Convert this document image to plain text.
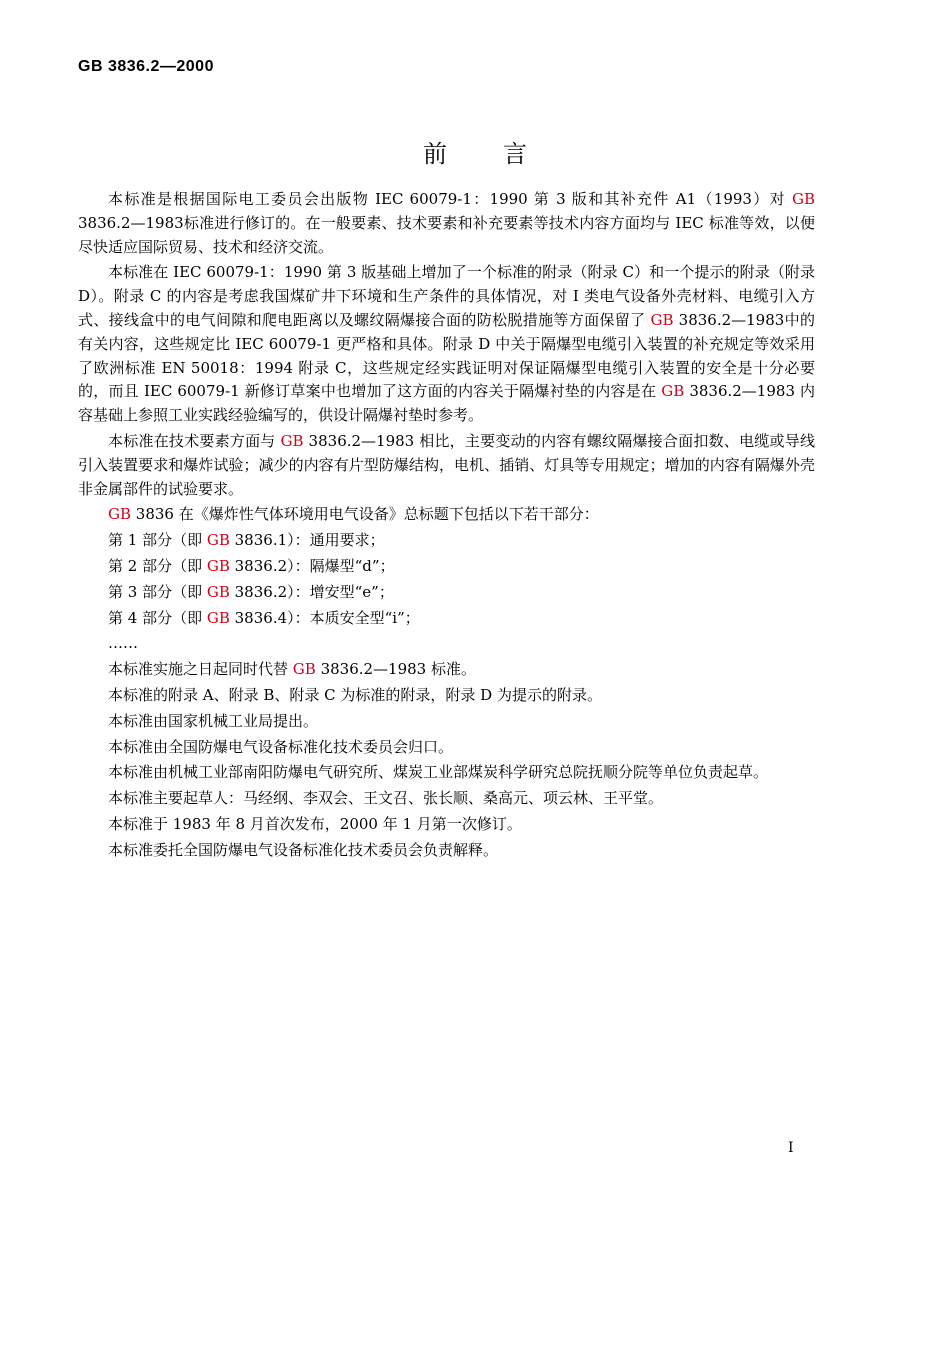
GB 3836.2—2000
前言

本标准是根据国际电工委员会出版物 IEC 60079-1：1990 第 3 版和其补充件 A1（1993）对 GB 3836.2—1983标准进行修订的。在一般要素、技术要素和补充要素等技术内容方面均与 IEC 标准等效，以便尽快适应国际贸易、技术和经济交流。

本标准在 IEC 60079-1：1990 第 3 版基础上增加了一个标准的附录（附录 C）和一个提示的附录（附录 D）。附录 C 的内容是考虑我国煤矿井下环境和生产条件的具体情况，对 I 类电气设备外壳材料、电缆引入方式、接线盒中的电气间隙和爬电距离以及螺纹隔爆接合面的防松脱措施等方面保留了 GB 3836.2—1983中的有关内容，这些规定比 IEC 60079-1 更严格和具体。附录 D 中关于隔爆型电缆引入装置的补充规定等效采用了欧洲标准 EN 50018：1994 附录 C，这些规定经实践证明对保证隔爆型电缆引入装置的安全是十分必要的，而且 IEC 60079-1 新修订草案中也增加了这方面的内容关于隔爆衬垫的内容是在 GB 3836.2—1983 内容基础上参照工业实践经验编写的，供设计隔爆衬垫时参考。

本标准在技术要素方面与 GB 3836.2—1983 相比，主要变动的内容有螺纹隔爆接合面扣数、电缆或导线引入装置要求和爆炸试验；减少的内容有片型防爆结构，电机、插销、灯具等专用规定；增加的内容有隔爆外壳非金属部件的试验要求。

GB 3836 在《爆炸性气体环境用电气设备》总标题下包括以下若干部分：

第 1 部分（即 GB 3836.1）：通用要求；

第 2 部分（即 GB 3836.2）：隔爆型“d”；

第 3 部分（即 GB 3836.2）：增安型“e”；

第 4 部分（即 GB 3836.4）：本质安全型“i”；

……

本标准实施之日起同时代替 GB 3836.2—1983 标准。

本标准的附录 A、附录 B、附录 C 为标准的附录，附录 D 为提示的附录。

本标准由国家机械工业局提出。

本标准由全国防爆电气设备标准化技术委员会归口。

本标准由机械工业部南阳防爆电气研究所、煤炭工业部煤炭科学研究总院抚顺分院等单位负责起草。

本标准主要起草人：马经纲、李双会、王文召、张长顺、桑高元、项云林、王平堂。

本标准于 1983 年 8 月首次发布，2000 年 1 月第一次修订。

本标准委托全国防爆电气设备标准化技术委员会负责解释。

I
